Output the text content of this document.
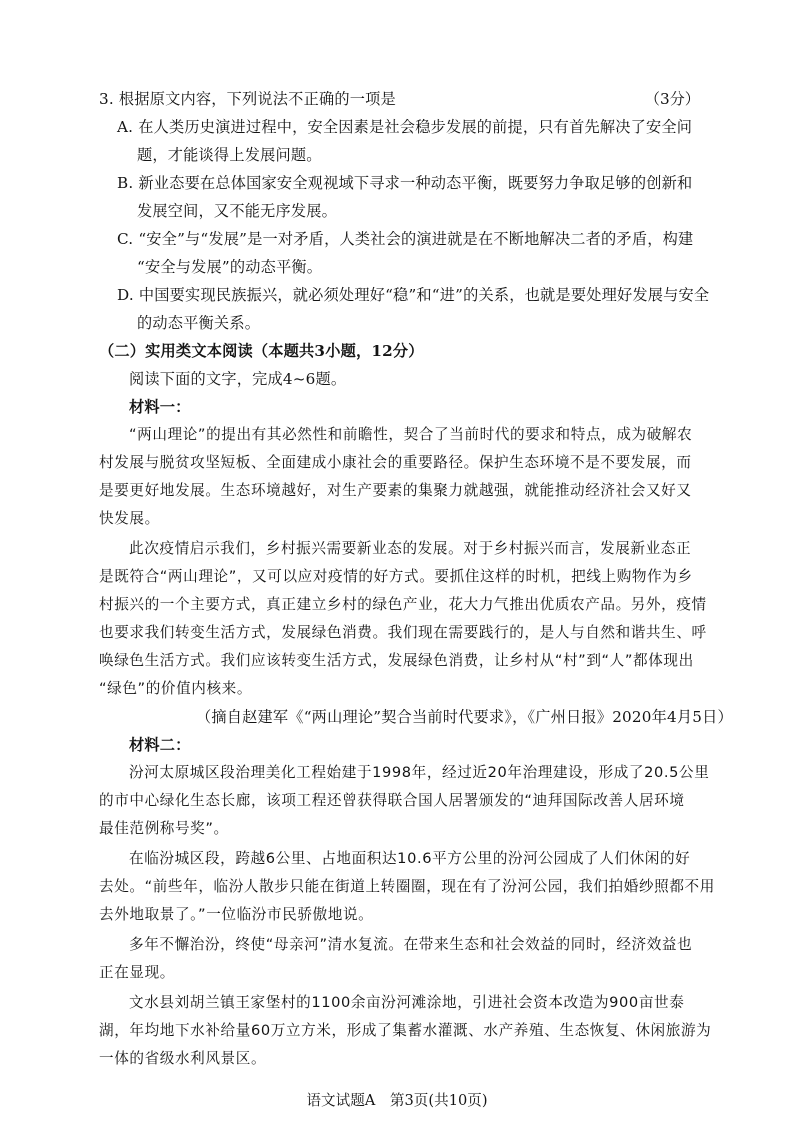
3. 根据原文内容，下列说法不正确的一项是	（3分）
A. 在人类历史演进过程中，安全因素是社会稳步发展的前提，只有首先解决了安全问
题，才能谈得上发展问题。
B. 新业态要在总体国家安全观视域下寻求一种动态平衡，既要努力争取足够的创新和
发展空间，又不能无序发展。
C. “安全”与“发展”是一对矛盾，人类社会的演进就是在不断地解决二者的矛盾，构建
“安全与发展”的动态平衡。
D. 中国要实现民族振兴，就必须处理好“稳”和“进”的关系，也就是要处理好发展与安全
的动态平衡关系。
（二）实用类文本阅读（本题共3小题，12分）
阅读下面的文字，完成4~6题。
材料一：
“两山理论”的提出有其必然性和前瞻性，契合了当前时代的要求和特点，成为破解农
村发展与脱贫攻坚短板、全面建成小康社会的重要路径。保护生态环境不是不要发展，而
是要更好地发展。生态环境越好，对生产要素的集聚力就越强，就能推动经济社会又好又
快发展。
此次疫情启示我们，乡村振兴需要新业态的发展。对于乡村振兴而言，发展新业态正
是既符合“两山理论”，又可以应对疫情的好方式。要抓住这样的时机，把线上购物作为乡
村振兴的一个主要方式，真正建立乡村的绿色产业，花大力气推出优质农产品。另外，疫情
也要求我们转变生活方式，发展绿色消费。我们现在需要践行的，是人与自然和谐共生、呼
唤绿色生活方式。我们应该转变生活方式，发展绿色消费，让乡村从“村”到“人”都体现出
“绿色”的价值内核来。
（摘自赵建军《“两山理论”契合当前时代要求》，《广州日报》2020年4月5日）
材料二：
汾河太原城区段治理美化工程始建于1998年，经过近20年治理建设，形成了20.5公里
的市中心绿化生态长廊，该项工程还曾获得联合国人居署颁发的“迪拜国际改善人居环境
最佳范例称号奖”。
在临汾城区段，跨越6公里、占地面积达10.6平方公里的汾河公园成了人们休闲的好
去处。“前些年，临汾人散步只能在街道上转圈圈，现在有了汾河公园，我们拍婚纱照都不用
去外地取景了。”一位临汾市民骄傲地说。
多年不懈治汾，终使“母亲河”清水复流。在带来生态和社会效益的同时，经济效益也
正在显现。
文水县刘胡兰镇王家堡村的1100余亩汾河滩涂地，引进社会资本改造为900亩世泰
湖，年均地下水补给量60万立方米，形成了集蓄水灌溉、水产养殖、生态恢复、休闲旅游为
一体的省级水利风景区。
语文试题A　第3页(共10页)
